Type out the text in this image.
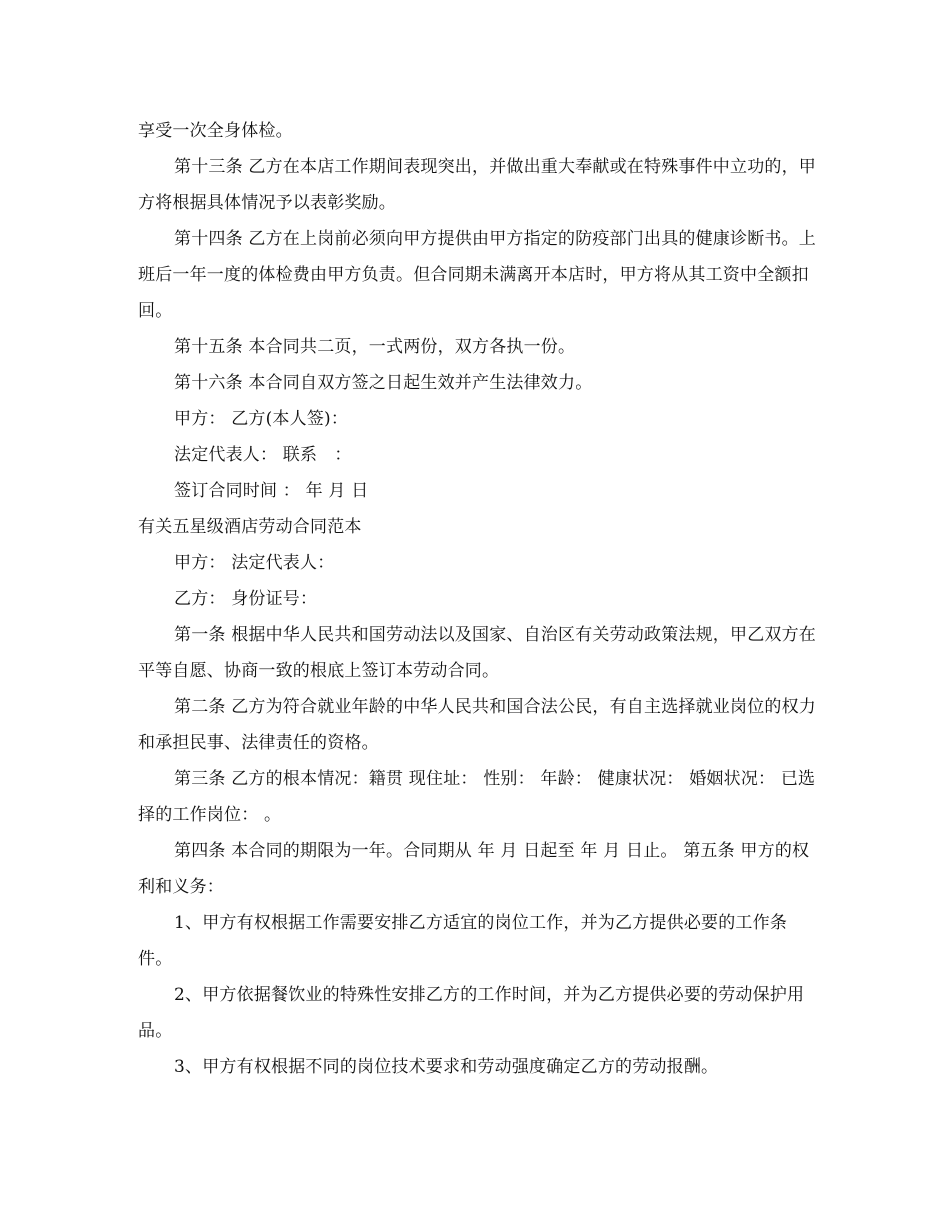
享受一次全身体检。

第十三条 乙方在本店工作期间表现突出，并做出重大奉献或在特殊事件中立功的，甲方将根据具体情况予以表彰奖励。

第十四条 乙方在上岗前必须向甲方提供由甲方指定的防疫部门出具的健康诊断书。上班后一年一度的体检费由甲方负责。但合同期未满离开本店时，甲方将从其工资中全额扣回。

第十五条 本合同共二页，一式两份，双方各执一份。

第十六条 本合同自双方签之日起生效并产生法律效力。

甲方： 乙方(本人签)：

法定代表人： 联系　：

签订合同时间 ： 年 月 日

有关五星级酒店劳动合同范本

甲方： 法定代表人：

乙方： 身份证号：

第一条 根据中华人民共和国劳动法以及国家、自治区有关劳动政策法规，甲乙双方在平等自愿、协商一致的根底上签订本劳动合同。

第二条 乙方为符合就业年龄的中华人民共和国合法公民，有自主选择就业岗位的权力和承担民事、法律责任的资格。

第三条 乙方的根本情况：籍贯 现住址： 性别： 年龄： 健康状况： 婚姻状况： 已选择的工作岗位： 。

第四条 本合同的期限为一年。合同期从 年 月 日起至 年 月 日止。 第五条 甲方的权利和义务：

1、甲方有权根据工作需要安排乙方适宜的岗位工作，并为乙方提供必要的工作条件。

2、甲方依据餐饮业的特殊性安排乙方的工作时间，并为乙方提供必要的劳动保护用品。

3、甲方有权根据不同的岗位技术要求和劳动强度确定乙方的劳动报酬。
